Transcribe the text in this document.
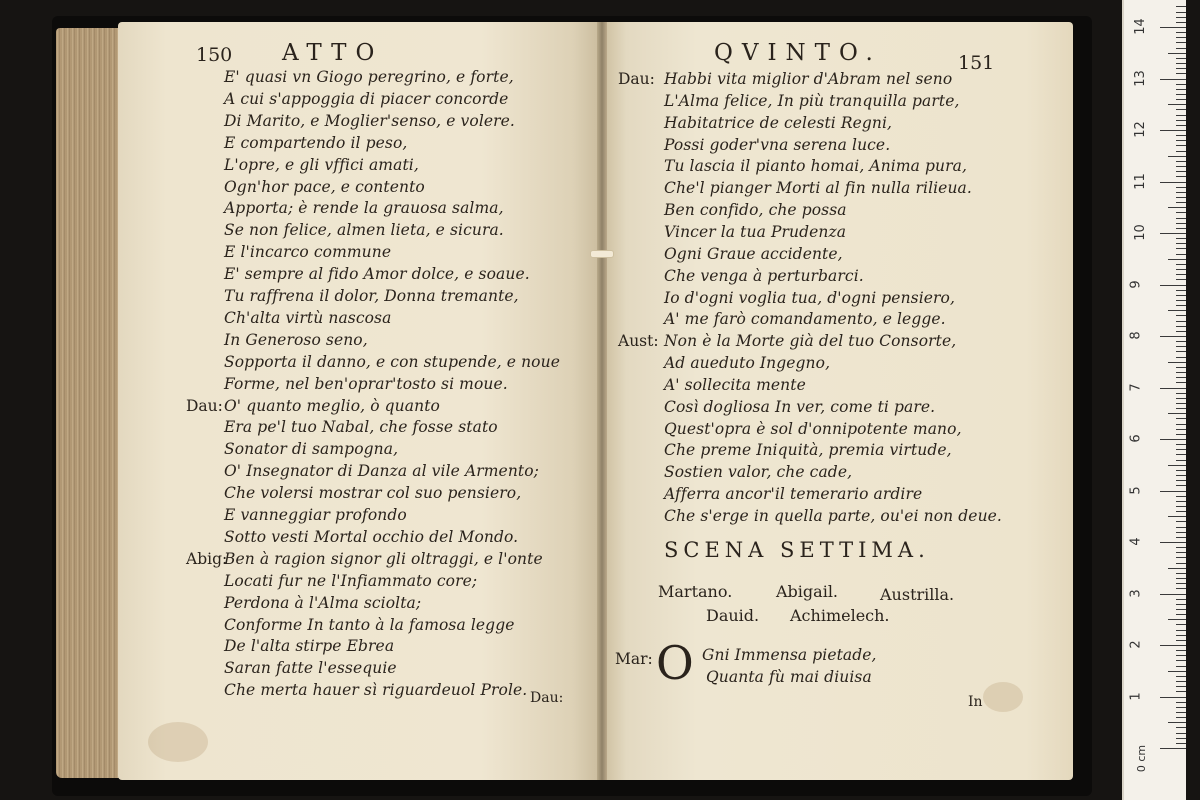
150 ATTO
E' quasi vn Giogo peregrino, e forte,
A cui s'appoggia di piacer concorde
Di Marito, e Moglier'senso, e volere.
E compartendo il peso,
L'opre, e gli vffici amati,
Ogn'hor pace, e contento
Apporta; è rende la grauosa salma,
Se non felice, almen lieta, e sicura.
E l'incarco commune
E' sempre al fido Amor dolce, e soaue.
Tu raffrena il dolor, Donna tremante,
Ch'alta virtù nascosa
In Generoso seno,
Sopporta il danno, e con stupende, e noue
Forme, nel ben'oprar'tosto si moue.
Dau: O' quanto meglio, ò quanto
Era pe'l tuo Nabal, che fosse stato
Sonator di sampogna,
O' Insegnator di Danza al vile Armento;
Che volersi mostrar col suo pensiero,
E vanneggiar profondo
Sotto vesti Mortal occhio del Mondo.
Abig:
Ben à ragion signor gli oltraggi, e l'onte
Locati fur ne l'Infiammato core;
Perdona à l'Alma sciolta;
Conforme In tanto à la famosa legge
De l'alta stirpe Ebrea
Saran fatte l'essequie
Che merta hauer sì riguardeuol Prole. Dau:
QVINTO.	151
Dau: Habbi vita miglior d'Abram nel seno
L'Alma felice, In più tranquilla parte,
Habitatrice de celesti Regni,
Possi goder'vna serena luce.
Tu lascia il pianto homai, Anima pura,
Che'l pianger Morti al fin nulla rilieua.
Ben confido, che possa
Vincer la tua Prudenza
Ogni Graue accidente,
Che venga à perturbarci.
Io d'ogni voglia tua, d'ogni pensiero,
A' me farò comandamento, e legge.
Aust: Non è la Morte già del tuo Consorte,
Ad aueduto Ingegno,
A' sollecita mente
Così dogliosa In ver, come ti pare.
Quest'opra è sol d'onnipotente mano,
Che preme Iniquità, premia virtude,
Sostien valor, che cade,
Afferra ancor'il temerario ardire
Che s'erge in quella parte, ou'ei non deue.
SCENA SETTIMA.
Martano.	Abigail.	Austrilla.
Dauid. Achimelech.
Mar: O Gni Immensa pietade,
Quanta fù mai diuisa
In
0 cm
1
2
3
4
5
6
7
8
9
10
11
12
13
14
